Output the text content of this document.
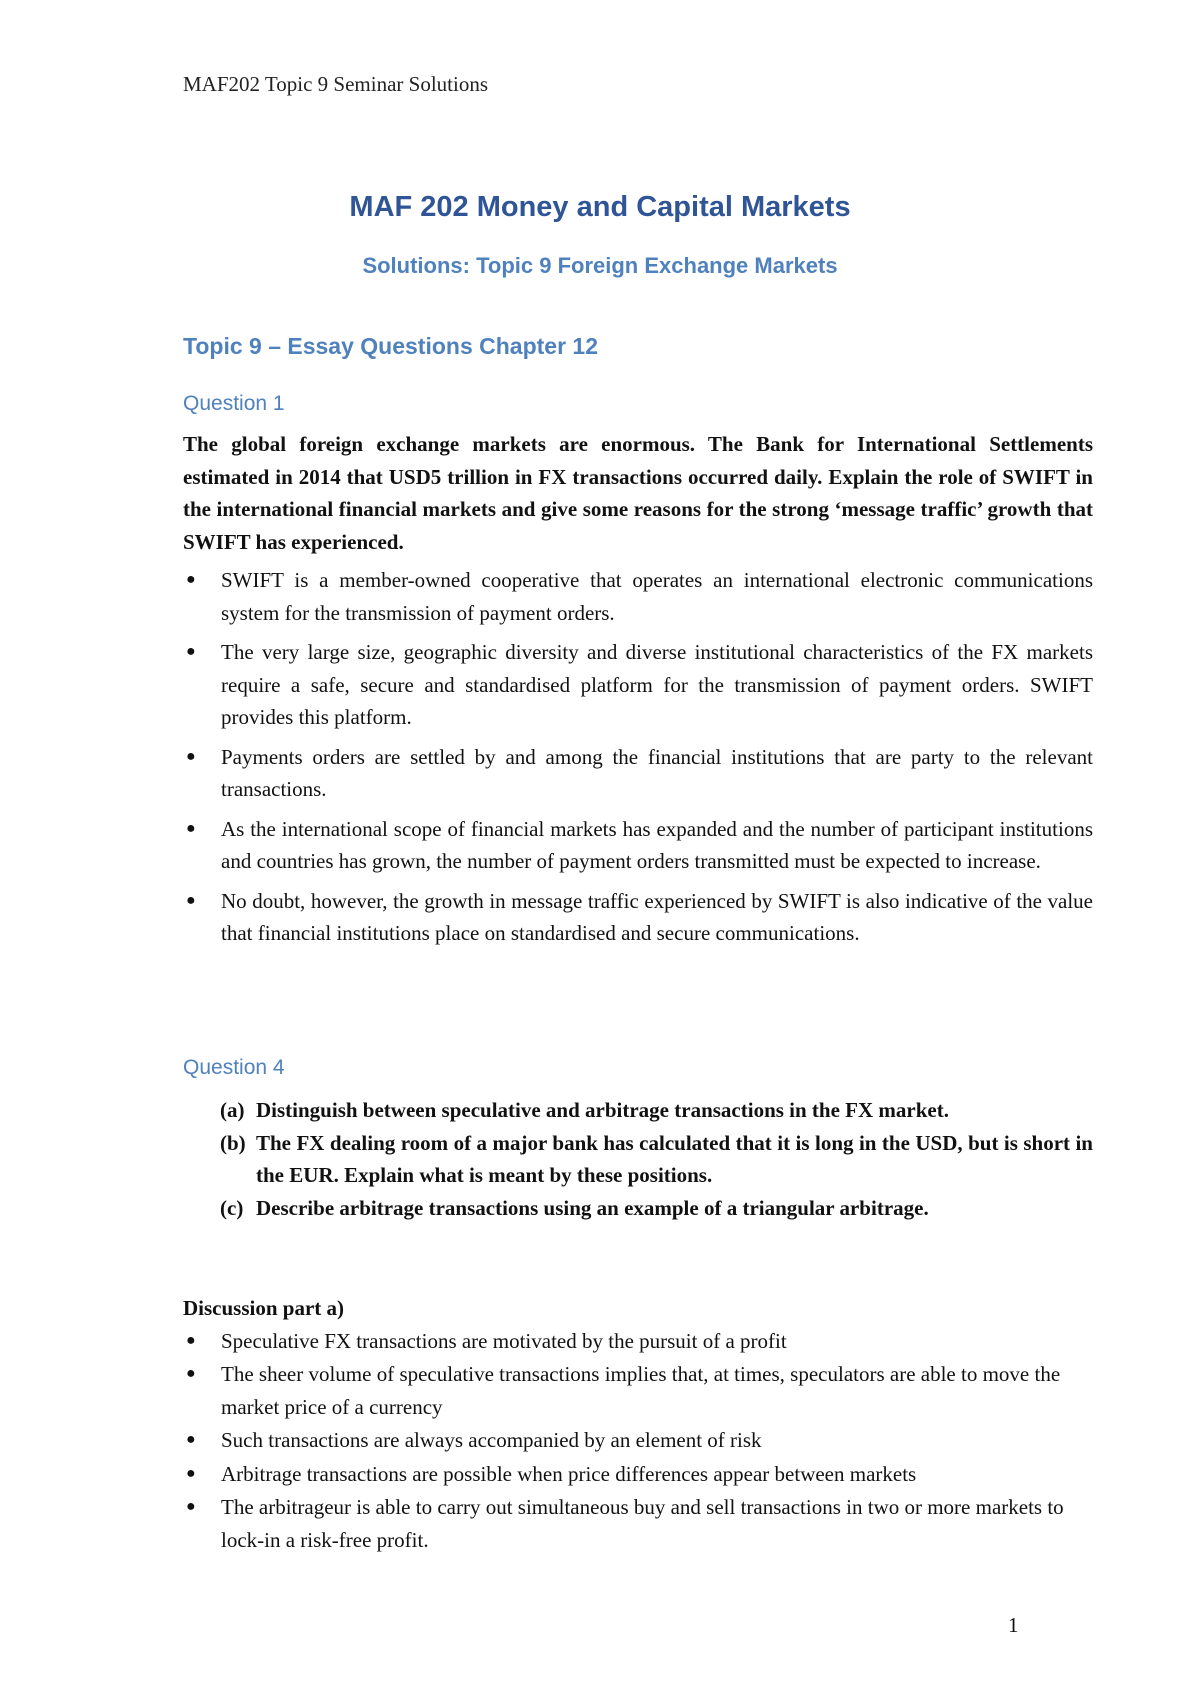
MAF202 Topic 9 Seminar Solutions
MAF 202 Money and Capital Markets
Solutions: Topic 9 Foreign Exchange Markets
Topic 9 – Essay Questions Chapter 12
Question 1

The global foreign exchange markets are enormous. The Bank for International Settlements estimated in 2014 that USD5 trillion in FX transactions occurred daily. Explain the role of SWIFT in the international financial markets and give some reasons for the strong ‘message traffic’ growth that SWIFT has experienced.

● SWIFT is a member-owned cooperative that operates an international electronic communications system for the transmission of payment orders.
● The very large size, geographic diversity and diverse institutional characteristics of the FX markets require a safe, secure and standardised platform for the transmission of payment orders. SWIFT provides this platform.
● Payments orders are settled by and among the financial institutions that are party to the relevant transactions.
● As the international scope of financial markets has expanded and the number of participant institutions and countries has grown, the number of payment orders transmitted must be expected to increase.
● No doubt, however, the growth in message traffic experienced by SWIFT is also indicative of the value that financial institutions place on standardised and secure communications.
Question 4
(a) Distinguish between speculative and arbitrage transactions in the FX market.
(b) The FX dealing room of a major bank has calculated that it is long in the USD, but is short in the EUR. Explain what is meant by these positions.
(c) Describe arbitrage transactions using an example of a triangular arbitrage.

Discussion part a)

● Speculative FX transactions are motivated by the pursuit of a profit
● The sheer volume of speculative transactions implies that, at times, speculators are able to move the market price of a currency
● Such transactions are always accompanied by an element of risk
● Arbitrage transactions are possible when price differences appear between markets
● The arbitrageur is able to carry out simultaneous buy and sell transactions in two or more markets to lock-in a risk-free profit.
1
